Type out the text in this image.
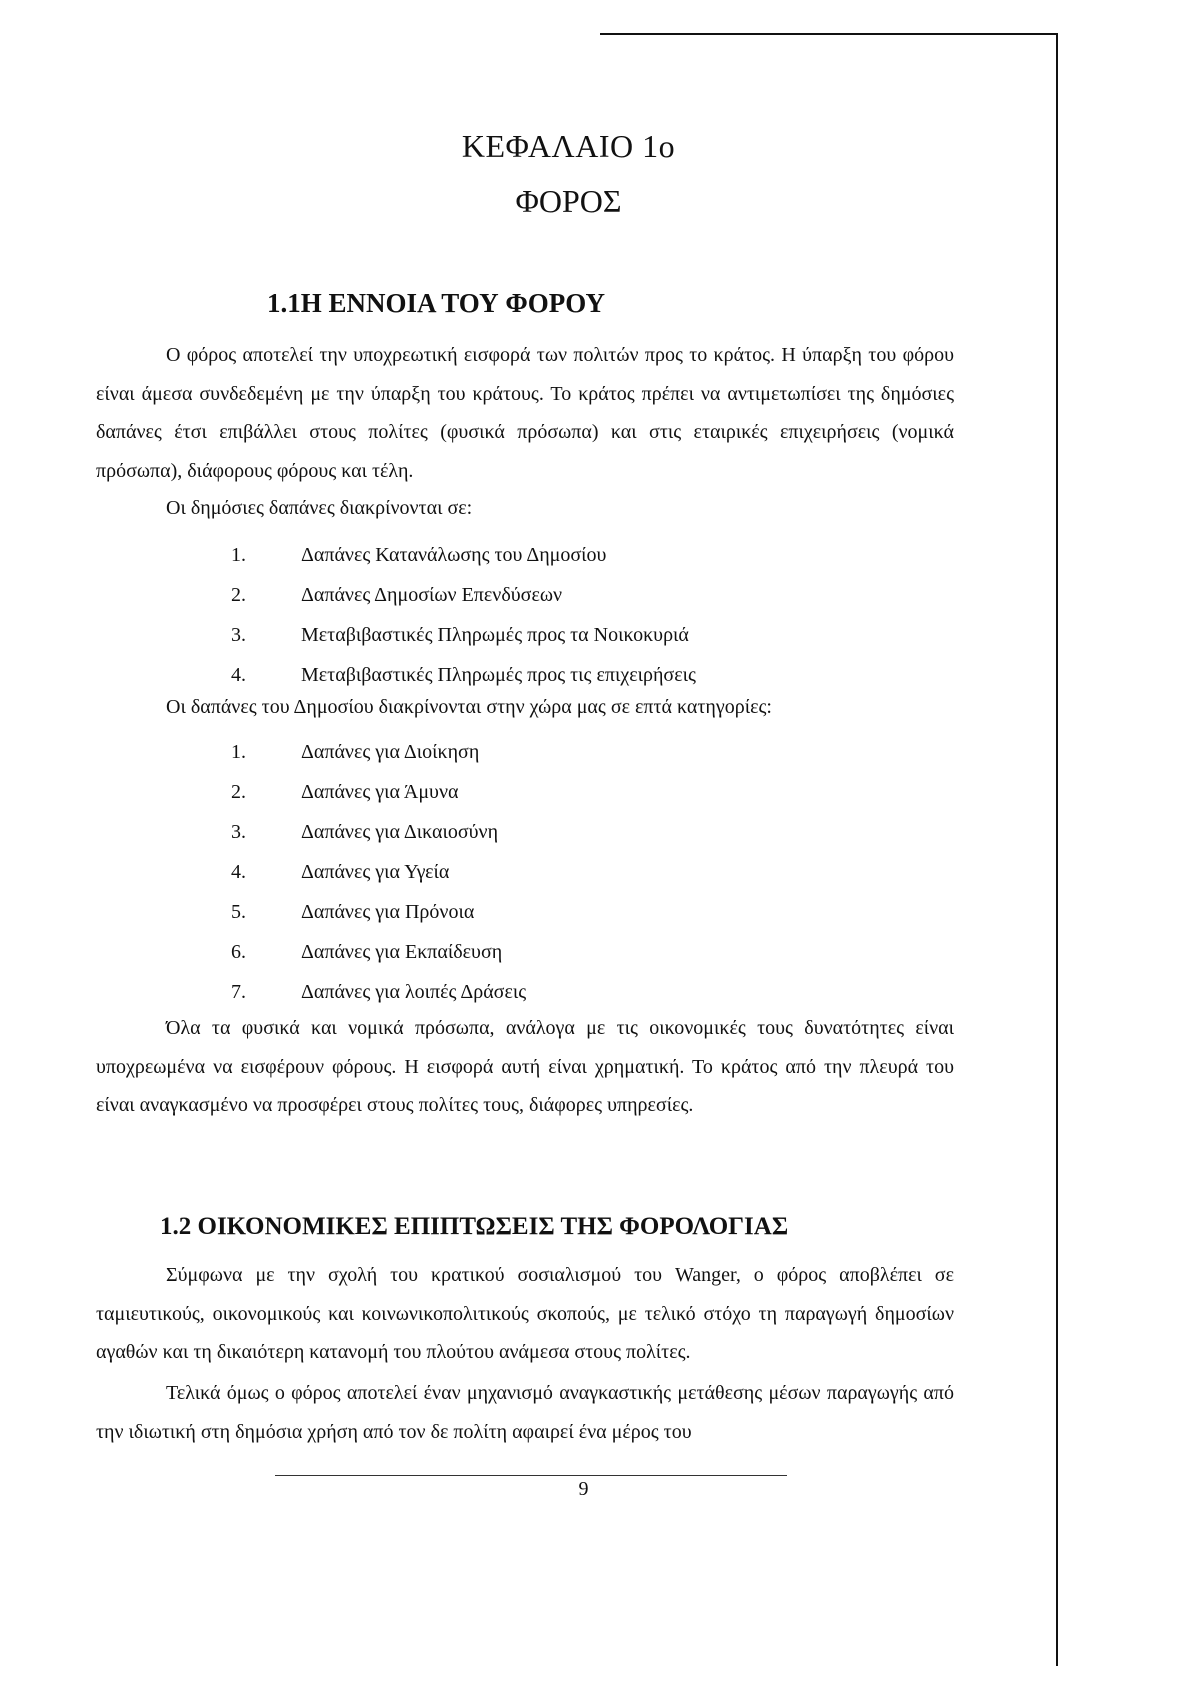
ΚΕΦΑΛΑΙΟ 1ο
ΦΟΡΟΣ
1.1Η ΕΝΝΟΙΑ ΤΟΥ ΦΟΡΟΥ
Ο φόρος αποτελεί την υποχρεωτική εισφορά των πολιτών προς το κράτος. Η ύπαρξη του φόρου είναι άμεσα συνδεδεμένη με την ύπαρξη του κράτους. Το κράτος πρέπει να αντιμετωπίσει της δημόσιες δαπάνες έτσι επιβάλλει στους πολίτες (φυσικά πρόσωπα) και στις εταιρικές επιχειρήσεις (νομικά πρόσωπα), διάφορους φόρους και τέλη.
Οι δημόσιες δαπάνες διακρίνονται σε:
1.	Δαπάνες Κατανάλωσης του Δημοσίου
2.	Δαπάνες Δημοσίων Επενδύσεων
3.	Μεταβιβαστικές Πληρωμές προς τα Νοικοκυριά
4.	Μεταβιβαστικές Πληρωμές προς τις επιχειρήσεις
Οι δαπάνες του Δημοσίου διακρίνονται στην χώρα μας σε επτά κατηγορίες:
1.	Δαπάνες για Διοίκηση
2.	Δαπάνες για Άμυνα
3.	Δαπάνες για Δικαιοσύνη
4.	Δαπάνες για Υγεία
5.	Δαπάνες για Πρόνοια
6.	Δαπάνες για Εκπαίδευση
7.	Δαπάνες για λοιπές Δράσεις
Όλα τα φυσικά και νομικά πρόσωπα, ανάλογα με τις οικονομικές τους δυνατότητες είναι υποχρεωμένα να εισφέρουν φόρους. Η εισφορά αυτή είναι χρηματική. Το κράτος από την πλευρά του είναι αναγκασμένο να προσφέρει στους πολίτες τους, διάφορες υπηρεσίες.
1.2 ΟΙΚΟΝΟΜΙΚΕΣ ΕΠΙΠΤΩΣΕΙΣ ΤΗΣ ΦΟΡΟΛΟΓΙΑΣ
Σύμφωνα με την σχολή του κρατικού σοσιαλισμού του Wanger, ο φόρος αποβλέπει σε ταμιευτικούς, οικονομικούς και κοινωνικοπολιτικούς σκοπούς, με τελικό στόχο τη παραγωγή δημοσίων αγαθών και τη δικαιότερη κατανομή του πλούτου ανάμεσα στους πολίτες.
Τελικά όμως ο φόρος αποτελεί έναν μηχανισμό αναγκαστικής μετάθεσης μέσων παραγωγής από την ιδιωτική στη δημόσια χρήση από τον δε πολίτη αφαιρεί ένα μέρος του
9
